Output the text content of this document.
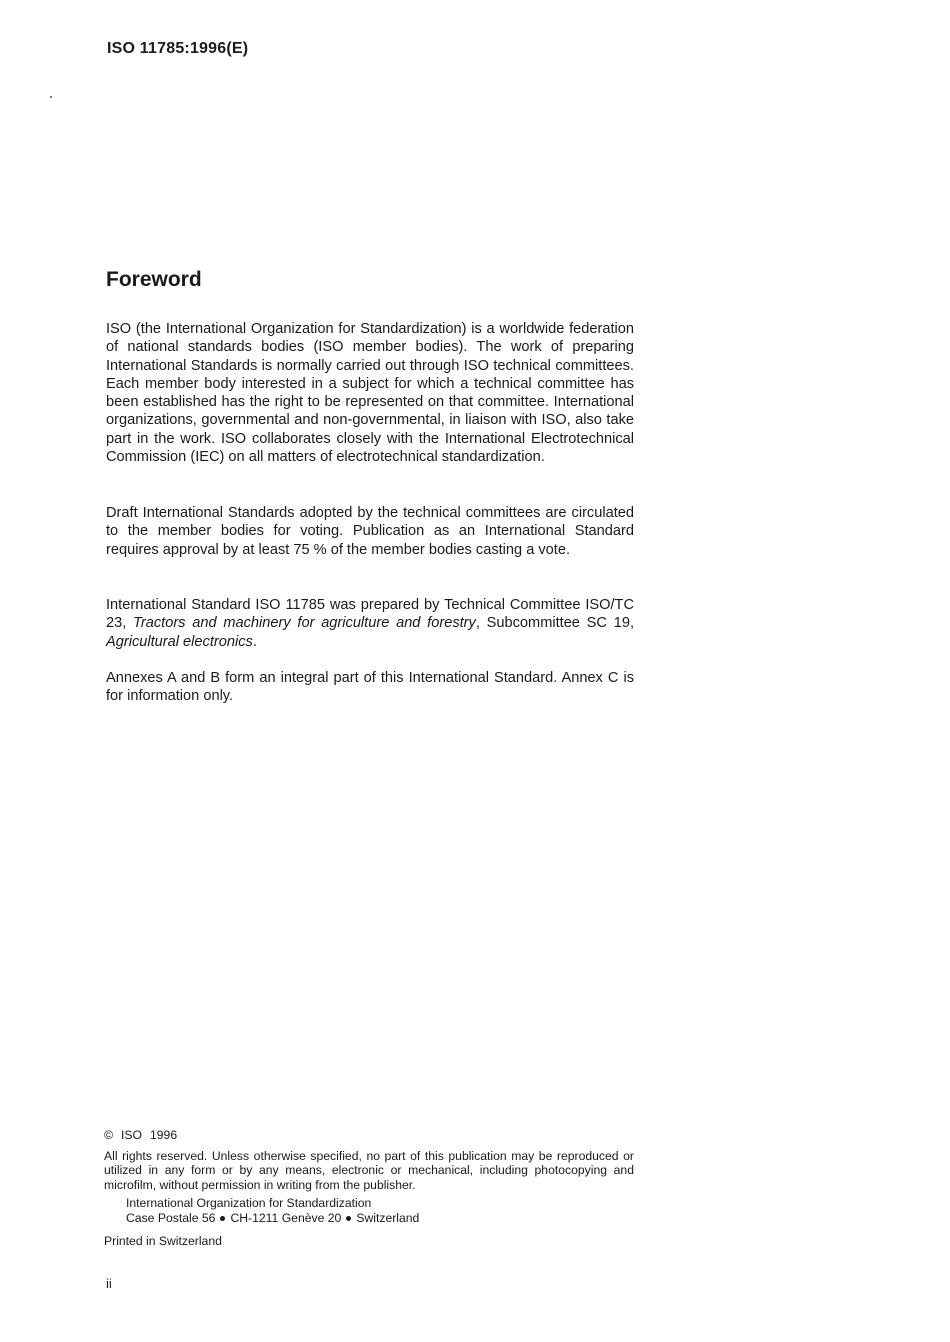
ISO 11785:1996(E)
Foreword

ISO (the International Organization for Standardization) is a worldwide federation of national standards bodies (ISO member bodies). The work of preparing International Standards is normally carried out through ISO technical committees. Each member body interested in a subject for which a technical committee has been established has the right to be represented on that committee. International organizations, governmental and non-governmental, in liaison with ISO, also take part in the work. ISO collaborates closely with the International Electrotechnical Commission (IEC) on all matters of electrotechnical standardization.

Draft International Standards adopted by the technical committees are circulated to the member bodies for voting. Publication as an International Standard requires approval by at least 75 % of the member bodies casting a vote.

International Standard ISO 11785 was prepared by Technical Committee ISO/TC 23, Tractors and machinery for agriculture and forestry, Subcommittee SC 19, Agricultural electronics.

Annexes A and B form an integral part of this International Standard. Annex C is for information only.

© ISO 1996

All rights reserved. Unless otherwise specified, no part of this publication may be reproduced or utilized in any form or by any means, electronic or mechanical, including photocopying and microfilm, without permission in writing from the publisher.

International Organization for Standardization
Case Postale 56 CH-1211 Genève 20 Switzerland

Printed in Switzerland

ii
